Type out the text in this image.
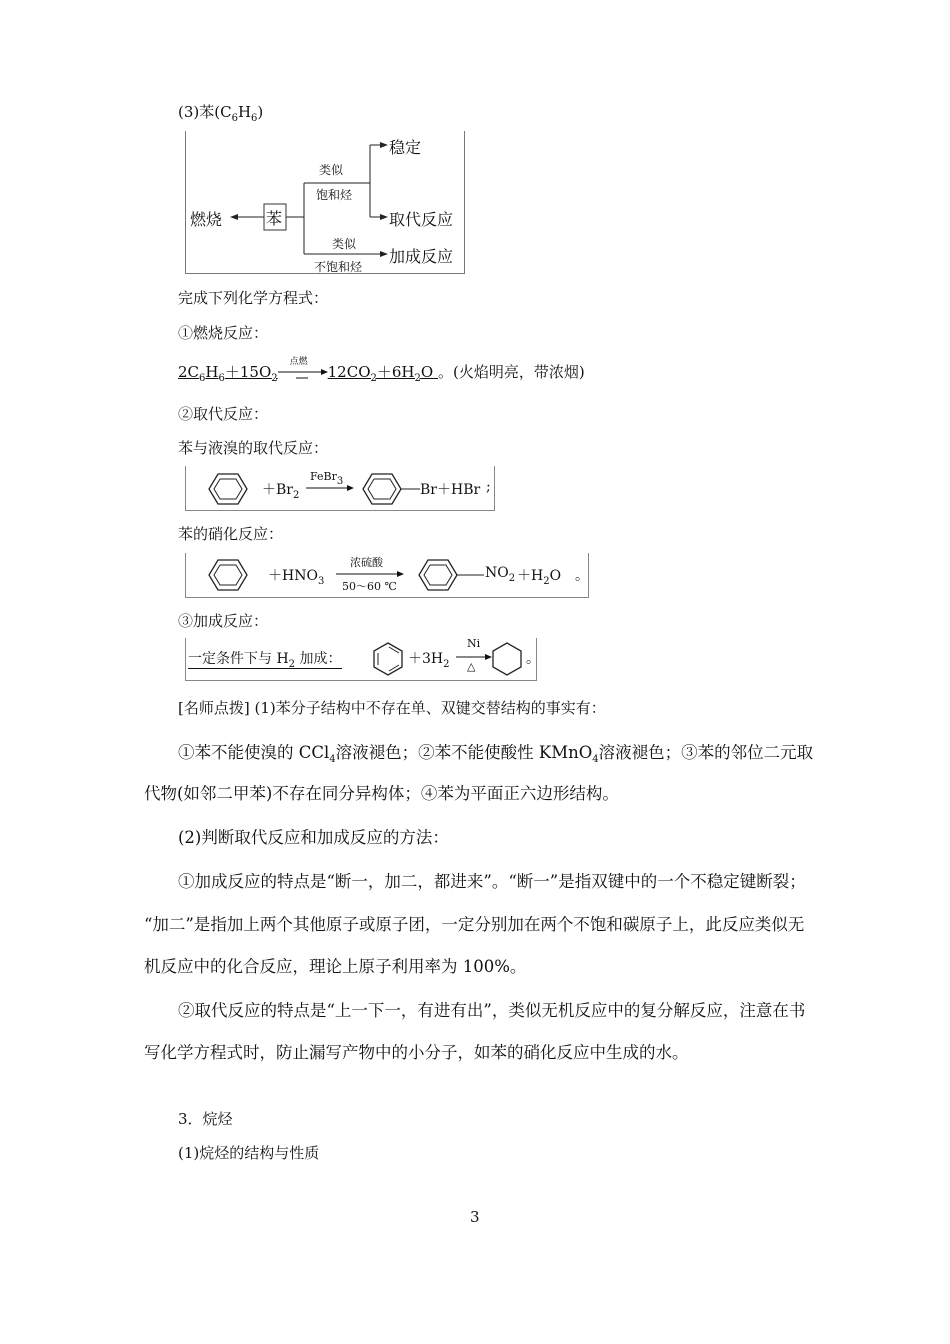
(3)苯$(C_6H_6)$
燃烧	苯
类似
饱和烃
类似
不饱和烃
稳定
取代反应
加成反应
完成下列化学方程式：
①燃烧反应：
$2C_6H_6+15O_2$
点燃
$12CO_2+6H_2O$ 。(火焰明亮，带浓烟)
②取代反应：
苯与液溴的取代反应：
$+Br_2$
FeBr$_3$
Br＋HBr ;
苯的硝化反应：
$+HNO_3$
浓硫酸
50～60 ℃
$NO_2 +H_2O$ 。
③加成反应：
一定条件下与 $H_2$ 加成：	$+3H_2$
Ni
△	。
[名师点拨] (1)苯分子结构中不存在单、双键交替结构的事实有：
①苯不能使溴的 CCl$_4$溶液褪色；②苯不能使酸性 KMnO$_4$溶液褪色；③苯的邻位二元取
代物(如邻二甲苯)不存在同分异构体；④苯为平面正六边形结构。
(2)判断取代反应和加成反应的方法：
①加成反应的特点是“断一，加二，都进来”。“断一”是指双键中的一个不稳定键断裂；
“加二”是指加上两个其他原子或原子团，一定分别加在两个不饱和碳原子上，此反应类似无
机反应中的化合反应，理论上原子利用率为 100%。
②取代反应的特点是“上一下一，有进有出”，类似无机反应中的复分解反应，注意在书
写化学方程式时，防止漏写产物中的小分子，如苯的硝化反应中生成的水。
3．烷烃
(1)烷烃的结构与性质
3
